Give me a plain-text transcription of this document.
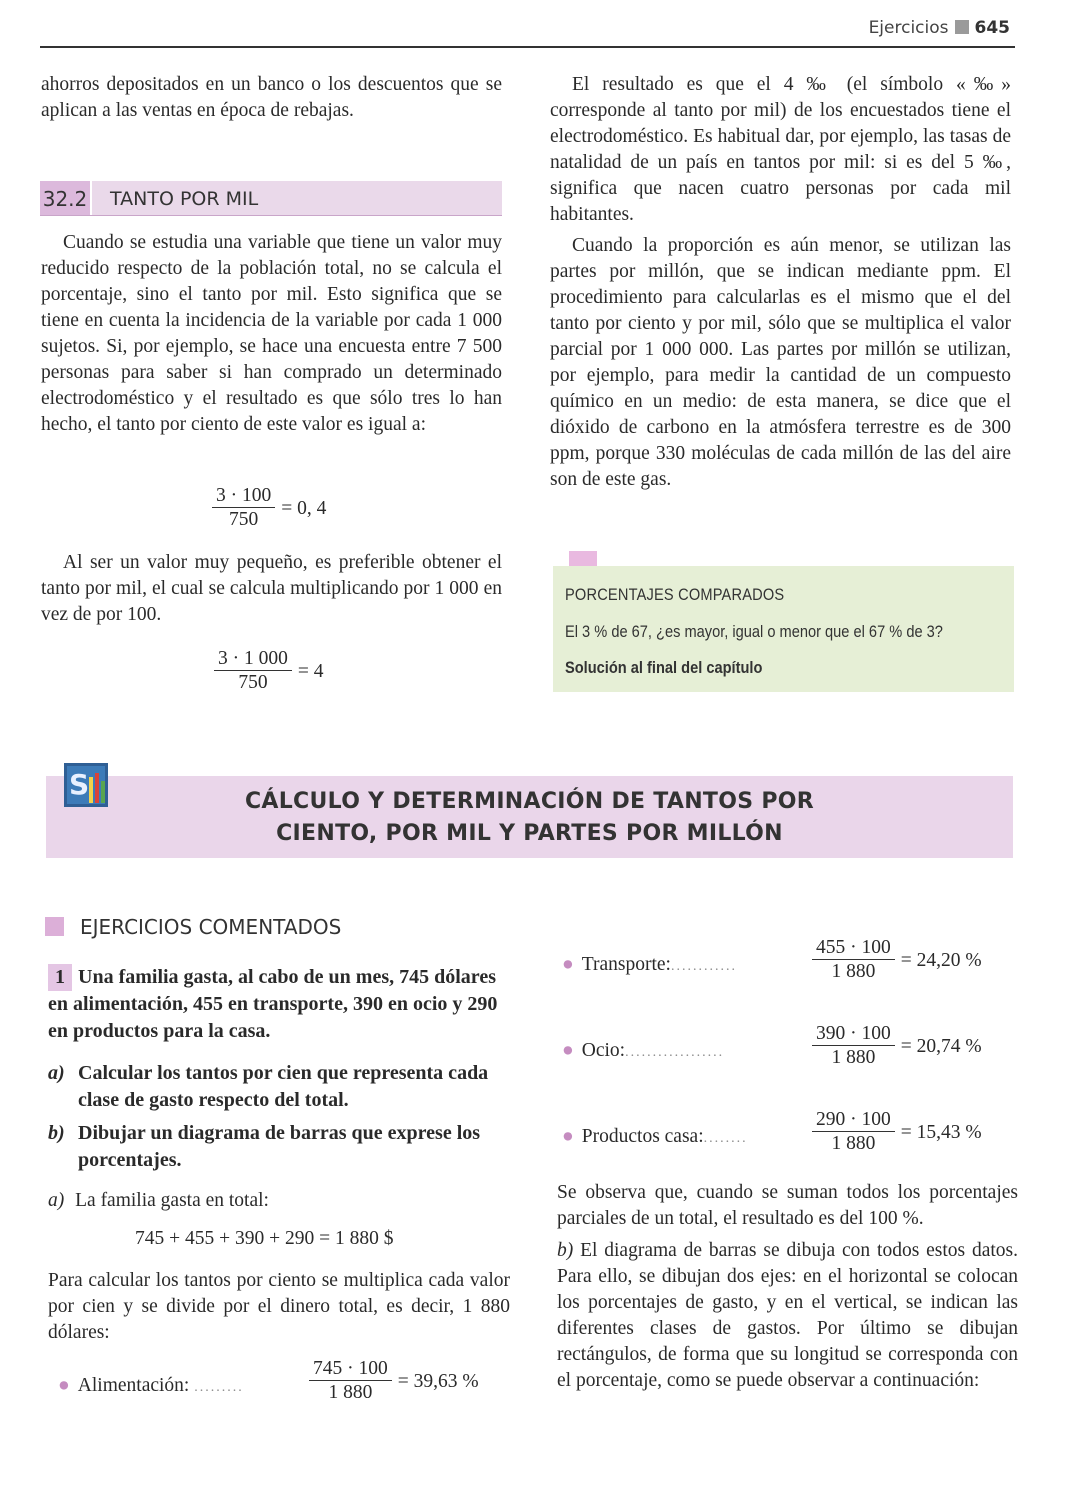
Ejercicios 645
ahorros depositados en un banco o los descuentos que se aplican a las ventas en época de rebajas.
32.2 TANTO POR MIL
Cuando se estudia una variable que tiene un valor muy reducido respecto de la población total, no se calcula el porcentaje, sino el tanto por mil. Esto significa que se tiene en cuenta la incidencia de la variable por cada 1 000 sujetos. Si, por ejemplo, se hace una encuesta entre 7 500 personas para saber si han comprado un determinado electrodoméstico y el resultado es que sólo tres lo han hecho, el tanto por ciento de este valor es igual a:
$\frac{3 \cdot 100}{750} = 0$, 4
Al ser un valor muy pequeño, es preferible obtener el tanto por mil, el cual se calcula multiplicando por 1 000 en vez de por 100.
$\frac{3 \cdot 1 000}{750} = 4$
El resultado es que el 4 ‰ (el símbolo «‰» corresponde al tanto por mil) de los encuestados tiene el electrodoméstico. Es habitual dar, por ejemplo, las tasas de natalidad de un país en tantos por mil: si es del 5 ‰, significa que nacen cuatro personas por cada mil habitantes.
Cuando la proporción es aún menor, se utilizan las partes por millón, que se indican mediante ppm. El procedimiento para calcularlas es el mismo que el del tanto por ciento y por mil, sólo que se multiplica el valor parcial por 1 000 000. Las partes por millón se utilizan, por ejemplo, para medir la cantidad de un compuesto químico en un medio: de esta manera, se dice que el dióxido de carbono en la atmósfera terrestre es de 300 ppm, porque 330 moléculas de cada millón de las del aire son de este gas.
PORCENTAJES COMPARADOS
El 3 % de 67, ¿es mayor, igual o menor que el 67 % de 3?
Solución al final del capítulo
CÁLCULO Y DETERMINACIÓN DE TANTOS POR
CIENTO, POR MIL Y PARTES POR MILLÓN
S
EJERCICIOS COMENTADOS
1 Una familia gasta, al cabo de un mes, 745 dólares en alimentación, 455 en transporte, 390 en ocio y 290 en productos para la casa.
a) Calcular los tantos por cien que representa cada clase de gasto respecto del total.
b) Dibujar un diagrama de barras que exprese los porcentajes.
a) La familia gasta en total:
745 + 455 + 390 + 290 = 1 880 $
Para calcular los tantos por ciento se multiplica cada valor por cien y se divide por el dinero total, es decir, 1 880 dólares:
● Alimentación: .........	$\frac{745 \cdot 100}{1 880} = 39,63$ %
● Transporte:............	$\frac{455 \cdot 100}{1 880} = 24,20$ %
● Ocio:..................	$\frac{390 \cdot 100}{1 880} = 20,74$ %
● Productos casa:........	$\frac{290 \cdot 100}{1 880} = 15,43$ %
Se observa que, cuando se suman todos los porcentajes parciales de un total, el resultado es del 100 %.
b) El diagrama de barras se dibuja con todos estos datos. Para ello, se dibujan dos ejes: en el horizontal se colocan los porcentajes de gasto, y en el vertical, se indican las diferentes clases de gastos. Por último se dibujan rectángulos, de forma que su longitud se corresponda con el porcentaje, como se puede observar a continuación:
